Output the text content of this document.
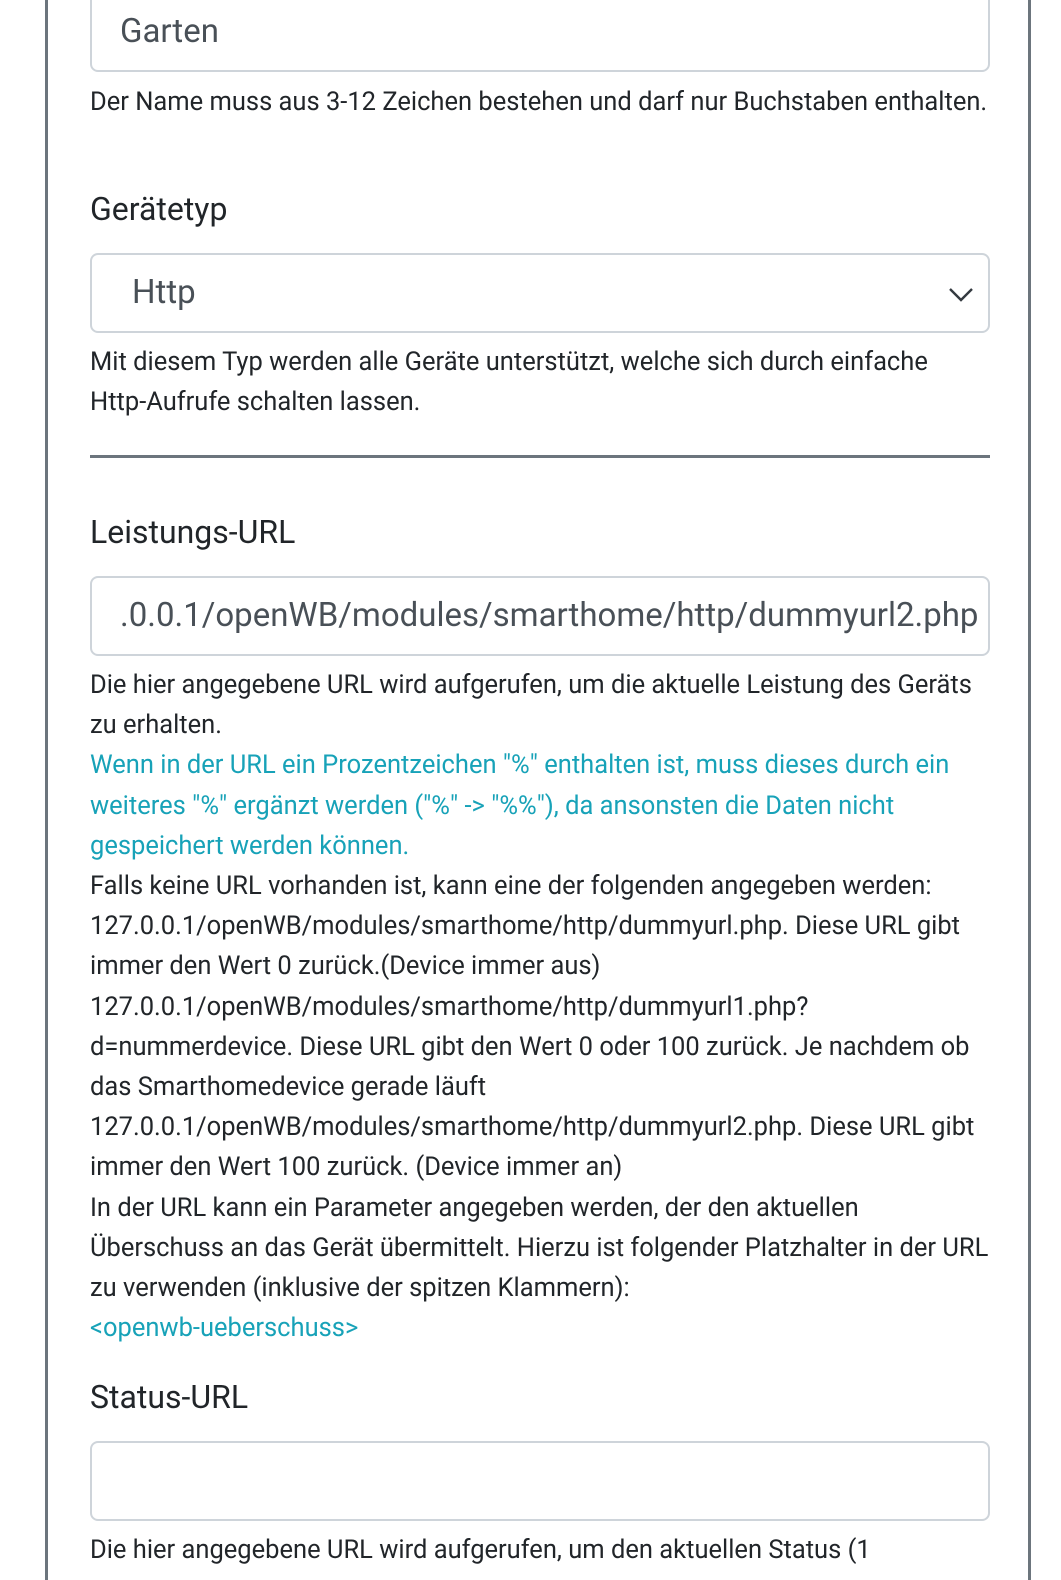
Garten
Der Name muss aus 3-12 Zeichen bestehen und darf nur Buchstaben enthalten.
Gerätetyp
Http
Mit diesem Typ werden alle Geräte unterstützt, welche sich durch einfache Http-Aufrufe schalten lassen.
Leistungs-URL
.0.0.1/openWB/modules/smarthome/http/dummyurl2.php
Die hier angegebene URL wird aufgerufen, um die aktuelle Leistung des Geräts zu erhalten.
Wenn in der URL ein Prozentzeichen "%" enthalten ist, muss dieses durch ein weiteres "%" ergänzt werden ("%" -> "%%"), da ansonsten die Daten nicht gespeichert werden können.
Falls keine URL vorhanden ist, kann eine der folgenden angegeben werden: 127.0.0.1/openWB/modules/smarthome/http/dummyurl.php. Diese URL gibt immer den Wert 0 zurück.(Device immer aus) 127.0.0.1/openWB/modules/smarthome/http/dummyurl1.php?d=nummerdevice. Diese URL gibt den Wert 0 oder 100 zurück. Je nachdem ob das Smarthomedevice gerade läuft 127.0.0.1/openWB/modules/smarthome/http/dummyurl2.php. Diese URL gibt immer den Wert 100 zurück. (Device immer an)
In der URL kann ein Parameter angegeben werden, der den aktuellen Überschuss an das Gerät übermittelt. Hierzu ist folgender Platzhalter in der URL zu verwenden (inklusive der spitzen Klammern):
<openwb-ueberschuss>
Status-URL
Die hier angegebene URL wird aufgerufen, um den aktuellen Status (1
